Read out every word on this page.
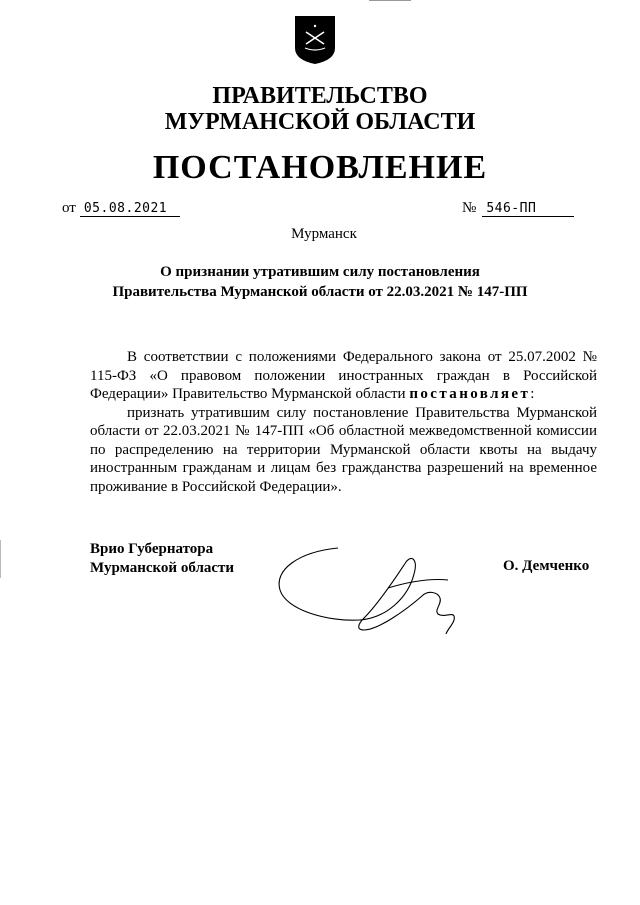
ПРАВИТЕЛЬСТВО
МУРМАНСКОЙ ОБЛАСТИ
ПОСТАНОВЛЕНИЕ
от 05.08.2021	№ 546-ПП
Мурманск
О признании утратившим силу постановления
Правительства Мурманской области от 22.03.2021 № 147-ПП

В соответствии с положениями Федерального закона от 25.07.2002 № 115-ФЗ «О правовом положении иностранных граждан в Российской Федерации» Правительство Мурманской области постановляет:

признать утратившим силу постановление Правительства Мурманской области от 22.03.2021 № 147-ПП «Об областной межведомственной комиссии по распределению на территории Мурманской области квоты на выдачу иностранным гражданам и лицам без гражданства разрешений на временное проживание в Российской Федерации».

Врио Губернатора
Мурманской области	О. Демченко
